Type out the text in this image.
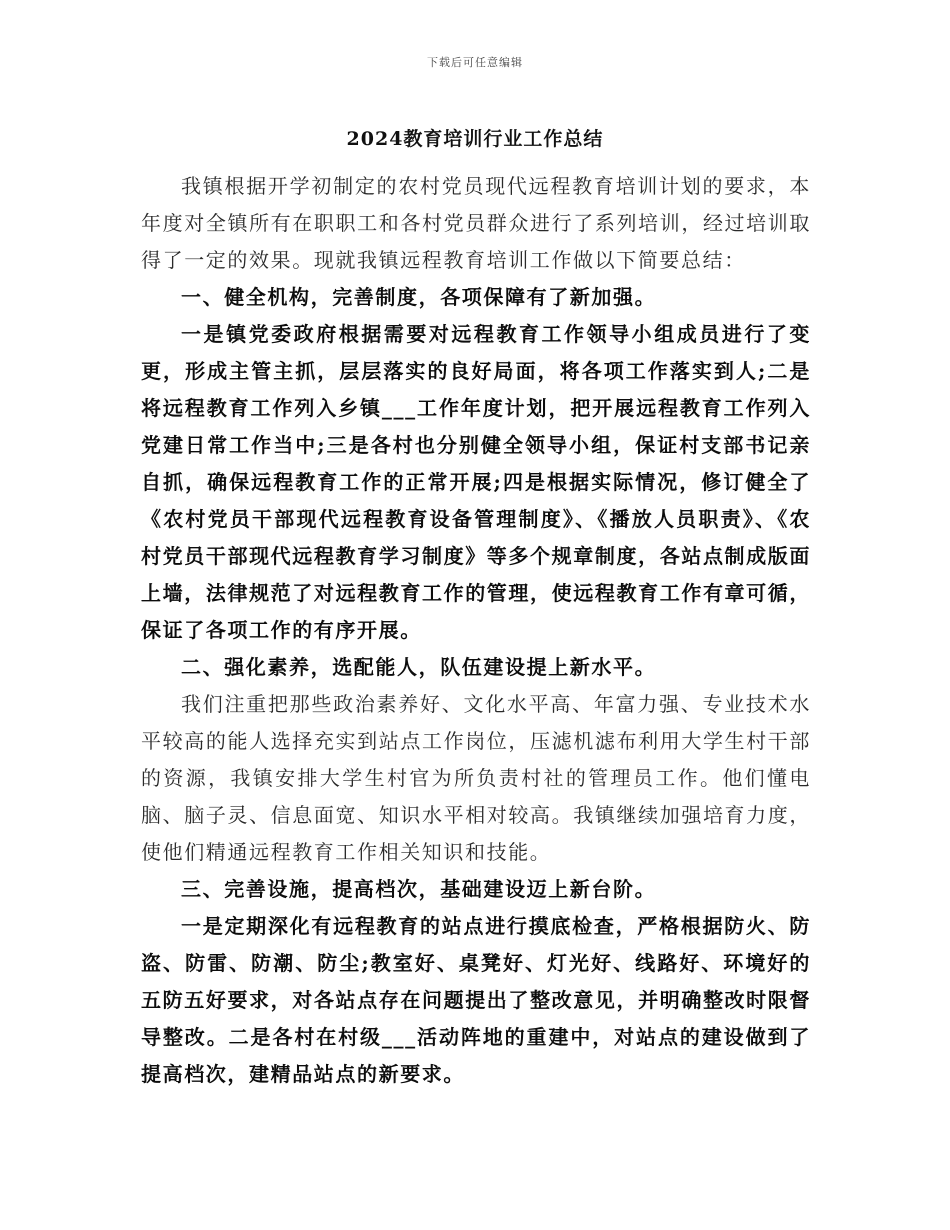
下载后可任意编辑
2024教育培训行业工作总结

我镇根据开学初制定的农村党员现代远程教育培训计划的要求，本年度对全镇所有在职职工和各村党员群众进行了系列培训，经过培训取得了一定的效果。现就我镇远程教育培训工作做以下简要总结：

一、健全机构，完善制度，各项保障有了新加强。

一是镇党委政府根据需要对远程教育工作领导小组成员进行了变更，形成主管主抓，层层落实的良好局面，将各项工作落实到人;二是将远程教育工作列入乡镇___工作年度计划，把开展远程教育工作列入党建日常工作当中;三是各村也分别健全领导小组，保证村支部书记亲自抓，确保远程教育工作的正常开展;四是根据实际情况，修订健全了《农村党员干部现代远程教育设备管理制度》、《播放人员职责》、《农村党员干部现代远程教育学习制度》等多个规章制度，各站点制成版面上墙，法律规范了对远程教育工作的管理，使远程教育工作有章可循，保证了各项工作的有序开展。

二、强化素养，选配能人，队伍建设提上新水平。

我们注重把那些政治素养好、文化水平高、年富力强、专业技术水平较高的能人选择充实到站点工作岗位，压滤机滤布利用大学生村干部的资源，我镇安排大学生村官为所负责村社的管理员工作。他们懂电脑、脑子灵、信息面宽、知识水平相对较高。我镇继续加强培育力度，使他们精通远程教育工作相关知识和技能。

三、完善设施，提高档次，基础建设迈上新台阶。

一是定期深化有远程教育的站点进行摸底检查，严格根据防火、防盗、防雷、防潮、防尘;教室好、桌凳好、灯光好、线路好、环境好的五防五好要求，对各站点存在问题提出了整改意见，并明确整改时限督导整改。二是各村在村级___活动阵地的重建中，对站点的建设做到了提高档次，建精品站点的新要求。
